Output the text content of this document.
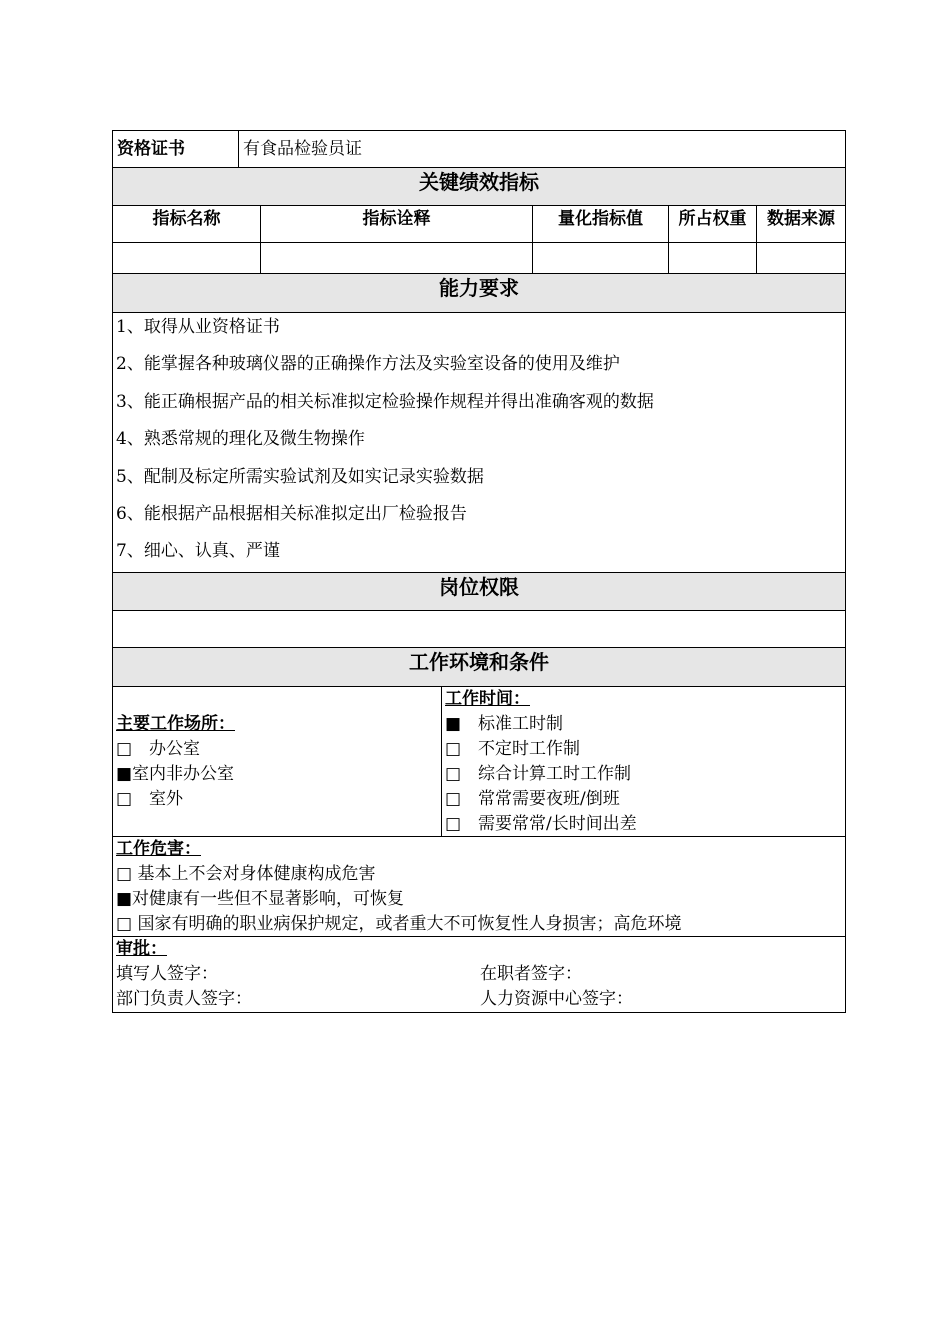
资格证书	有食品检验员证
关键绩效指标
指标名称	指标诠释	量化指标值	所占权重	数据来源
能力要求

1、取得从业资格证书

2、能掌握各种玻璃仪器的正确操作方法及实验室设备的使用及维护

3、能正确根据产品的相关标准拟定检验操作规程并得出准确客观的数据

4、熟悉常规的理化及微生物操作

5、配制及标定所需实验试剂及如实记录实验数据

6、能根据产品根据相关标准拟定出厂检验报告

7、细心、认真、严谨

岗位权限
工作环境和条件
主要工作场所：
□　办公室
■室内非办公室
□　室外
工作时间：
■　标准工时制
□　不定时工作制
□　综合计算工时工作制
□　常常需要夜班/倒班
□　需要常常/长时间出差
工作危害：
□ 基本上不会对身体健康构成危害
■对健康有一些但不显著影响，可恢复
□ 国家有明确的职业病保护规定，或者重大不可恢复性人身损害；高危环境
审批：
填写人签字：	在职者签字：
部门负责人签字：	人力资源中心签字：
